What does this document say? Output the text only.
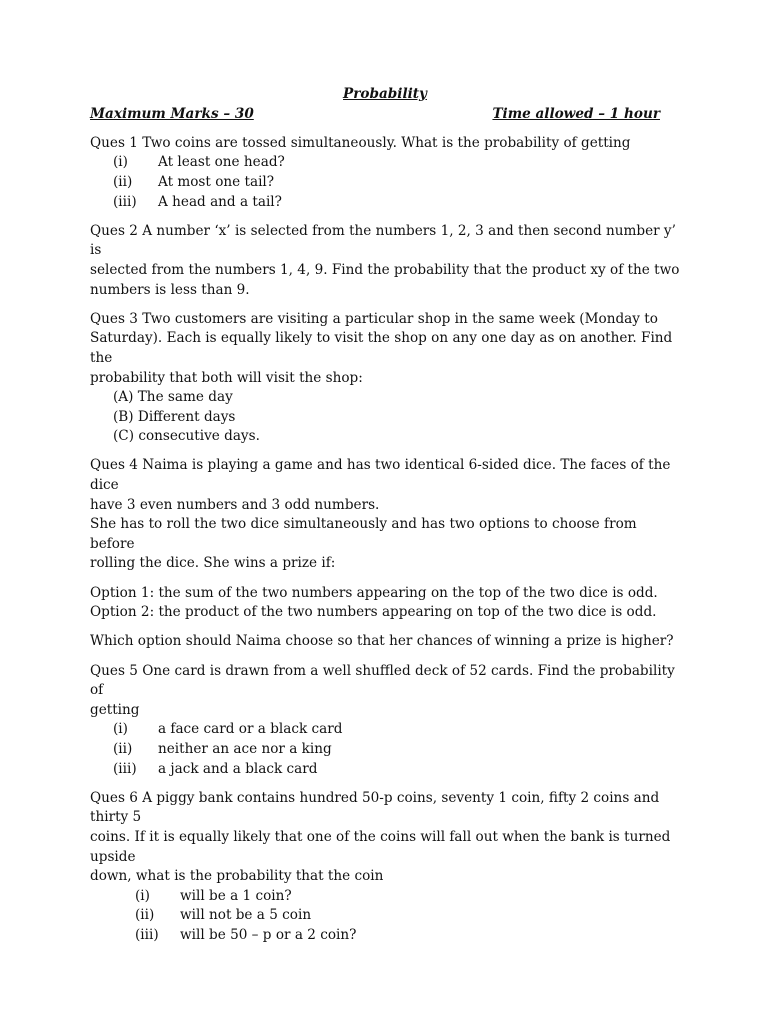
Probability
Maximum Marks – 30	Time allowed – 1 hour

Ques 1 Two coins are tossed simultaneously. What is the probability of getting

(i)	At least one head?
(ii)	At most one tail?
(iii)	A head and a tail?

Ques 2 A number ‘x’ is selected from the numbers 1, 2, 3 and then second number y’ is

selected from the numbers 1, 4, 9. Find the probability that the product xy of the two

numbers is less than 9.

Ques 3 Two customers are visiting a particular shop in the same week (Monday to

Saturday). Each is equally likely to visit the shop on any one day as on another. Find the

probability that both will visit the shop:

(A) The same day
(B) Different days
(C) consecutive days.

Ques 4 Naima is playing a game and has two identical 6-sided dice. The faces of the dice

have 3 even numbers and 3 odd numbers.

She has to roll the two dice simultaneously and has two options to choose from before

rolling the dice. She wins a prize if:

Option 1: the sum of the two numbers appearing on the top of the two dice is odd.

Option 2: the product of the two numbers appearing on top of the two dice is odd.

Which option should Naima choose so that her chances of winning a prize is higher?

Ques 5 One card is drawn from a well shuffled deck of 52 cards. Find the probability of

getting

(i)	a face card or a black card
(ii)	neither an ace nor a king
(iii)	a jack and a black card

Ques 6 A piggy bank contains hundred 50-p coins, seventy 1 coin, fifty 2 coins and thirty 5

coins. If it is equally likely that one of the coins will fall out when the bank is turned upside

down, what is the probability that the coin

(i)	will be a 1 coin?
(ii)	will not be a 5 coin
(iii)	will be 50 – p or a 2 coin?
